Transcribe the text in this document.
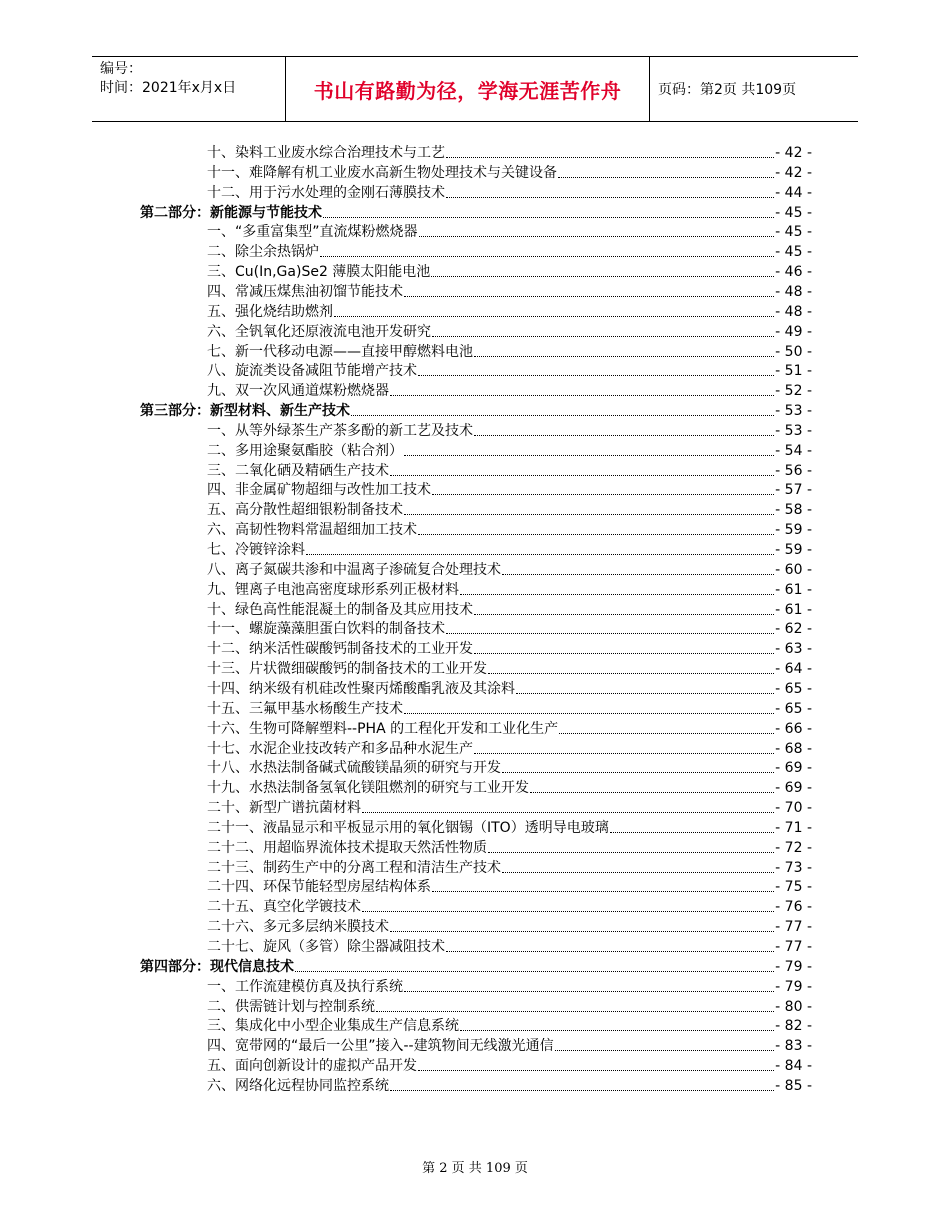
编号：
时间：2021年x月x日	书山有路勤为径，学海无涯苦作舟	页码：第2页 共109页
十、染料工业废水综合治理技术与工艺	- 42 -
十一、难降解有机工业废水高新生物处理技术与关键设备	- 42 -
十二、用于污水处理的金刚石薄膜技术	- 44 -
第二部分：新能源与节能技术	- 45 -
一、“多重富集型”直流煤粉燃烧器	- 45 -
二、除尘余热锅炉	- 45 -
三、Cu(In,Ga)Se2 薄膜太阳能电池	- 46 -
四、常减压煤焦油初馏节能技术	- 48 -
五、强化烧结助燃剂	- 48 -
六、全钒氧化还原液流电池开发研究	- 49 -
七、新一代移动电源——直接甲醇燃料电池	- 50 -
八、旋流类设备减阻节能增产技术	- 51 -
九、双一次风通道煤粉燃烧器	- 52 -
第三部分：新型材料、新生产技术	- 53 -
一、从等外绿茶生产茶多酚的新工艺及技术	- 53 -
二、多用途聚氨酯胶（粘合剂）	- 54 -
三、二氧化硒及精硒生产技术	- 56 -
四、非金属矿物超细与改性加工技术	- 57 -
五、高分散性超细银粉制备技术	- 58 -
六、高韧性物料常温超细加工技术	- 59 -
七、冷镀锌涂料	- 59 -
八、离子氮碳共渗和中温离子渗硫复合处理技术	- 60 -
九、锂离子电池高密度球形系列正极材料	- 61 -
十、绿色高性能混凝土的制备及其应用技术	- 61 -
十一、螺旋藻藻胆蛋白饮料的制备技术	- 62 -
十二、纳米活性碳酸钙制备技术的工业开发	- 63 -
十三、片状微细碳酸钙的制备技术的工业开发	- 64 -
十四、纳米级有机硅改性聚丙烯酸酯乳液及其涂料	- 65 -
十五、三氟甲基水杨酸生产技术	- 65 -
十六、生物可降解塑料--PHA 的工程化开发和工业化生产	- 66 -
十七、水泥企业技改转产和多品种水泥生产	- 68 -
十八、水热法制备碱式硫酸镁晶须的研究与开发	- 69 -
十九、水热法制备氢氧化镁阻燃剂的研究与工业开发	- 69 -
二十、新型广谱抗菌材料	- 70 -
二十一、液晶显示和平板显示用的氧化铟锡（ITO）透明导电玻璃	- 71 -
二十二、用超临界流体技术提取天然活性物质	- 72 -
二十三、制药生产中的分离工程和清洁生产技术	- 73 -
二十四、环保节能轻型房屋结构体系	- 75 -
二十五、真空化学镀技术	- 76 -
二十六、多元多层纳米膜技术	- 77 -
二十七、旋风（多管）除尘器减阻技术	- 77 -
第四部分：现代信息技术	- 79 -
一、工作流建模仿真及执行系统	- 79 -
二、供需链计划与控制系统	- 80 -
三、集成化中小型企业集成生产信息系统	- 82 -
四、宽带网的“最后一公里”接入--建筑物间无线激光通信	- 83 -
五、面向创新设计的虚拟产品开发	- 84 -
六、网络化远程协同监控系统	- 85 -
第 2 页 共 109 页
